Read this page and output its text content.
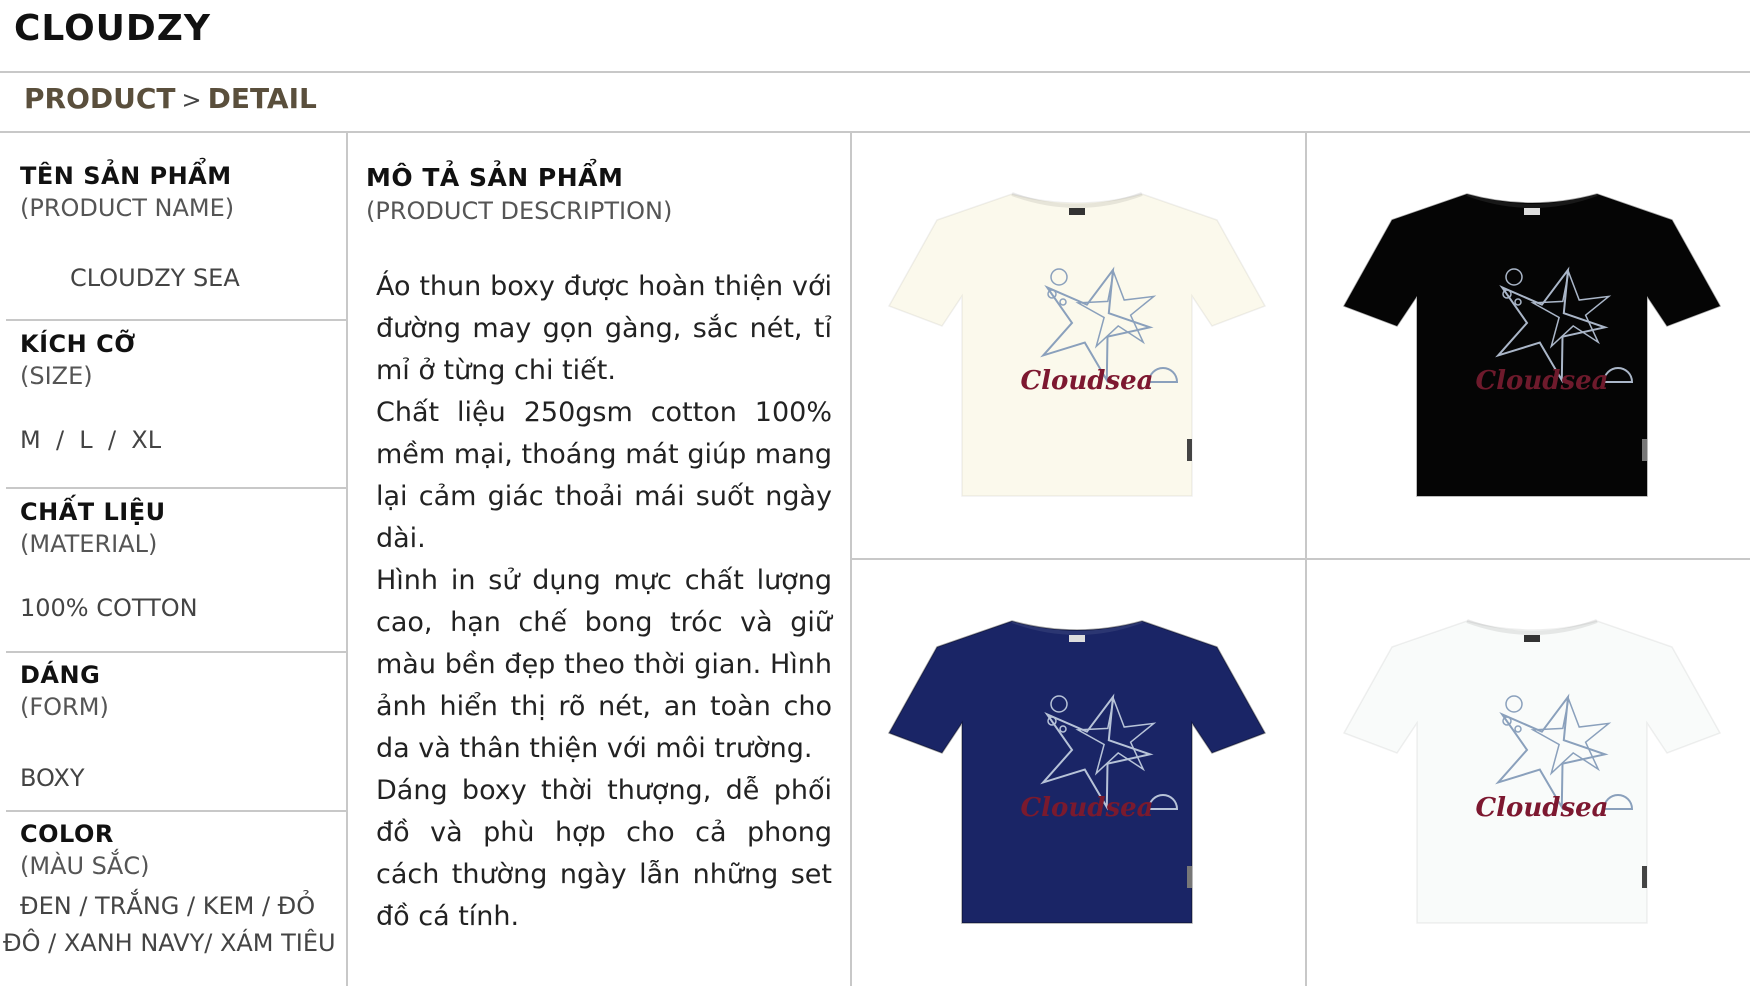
CLOUDZY
PRODUCT > DETAIL
TÊN SẢN PHẨM
(PRODUCT NAME)
CLOUDZY SEA
KÍCH CỠ
(SIZE)
M  /  L  /  XL
CHẤT LIỆU
(MATERIAL)
100% COTTON
DÁNG
(FORM)
BOXY
COLOR
(MÀU SẮC)
ĐEN / TRẮNG / KEM / ĐỎ
ĐÔ / XANH NAVY/ XÁM TIÊU
MÔ TẢ SẢN PHẨM
(PRODUCT DESCRIPTION)

Áo thun boxy được hoàn thiện với đường may gọn gàng, sắc nét, tỉ mỉ ở từng chi tiết.

Chất liệu 250gsm cotton 100% mềm mại, thoáng mát giúp mang lại cảm giác thoải mái suốt ngày dài.

Hình in sử dụng mực chất lượng cao, hạn chế bong tróc và giữ màu bền đẹp theo thời gian. Hình ảnh hiển thị rõ nét, an toàn cho da và thân thiện với môi trường.

Dáng boxy thời thượng, dễ phối đồ và phù hợp cho cả phong cách thường ngày lẫn những set đồ cá tính.

Cloudsea	Cloudsea
Cloudsea	Cloudsea
